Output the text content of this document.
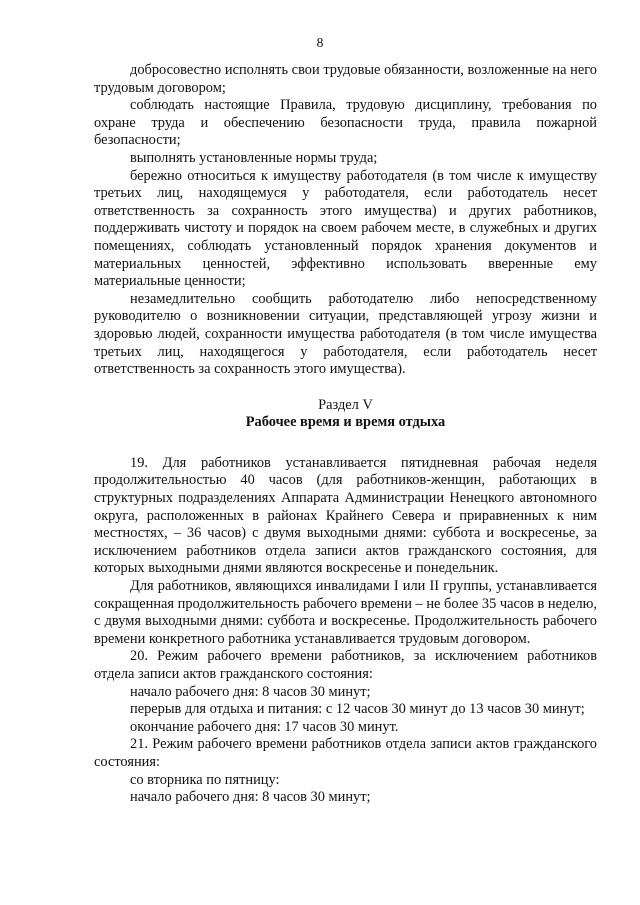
8

добросовестно исполнять свои трудовые обязанности, возложенные на него трудовым договором;

соблюдать настоящие Правила, трудовую дисциплину, требования по охране труда и обеспечению безопасности труда, правила пожарной безопасности;

выполнять установленные нормы труда;

бережно относиться к имуществу работодателя (в том числе к имуществу третьих лиц, находящемуся у работодателя, если работодатель несет ответственность за сохранность этого имущества) и других работников, поддерживать чистоту и порядок на своем рабочем месте, в служебных и других помещениях, соблюдать установленный порядок хранения документов и материальных ценностей, эффективно использовать вверенные ему материальные ценности;

незамедлительно сообщить работодателю либо непосредственному руководителю о возникновении ситуации, представляющей угрозу жизни и здоровью людей, сохранности имущества работодателя (в том числе имущества третьих лиц, находящегося у работодателя, если работодатель несет ответственность за сохранность этого имущества).

Раздел V
Рабочее время и время отдыха

19. Для работников устанавливается пятидневная рабочая неделя продолжительностью 40 часов (для работников-женщин, работающих в структурных подразделениях Аппарата Администрации Ненецкого автономного округа, расположенных в районах Крайнего Севера и приравненных к ним местностях, – 36 часов) с двумя выходными днями: суббота и воскресенье, за исключением работников отдела записи актов гражданского состояния, для которых выходными днями являются воскресенье и понедельник.

Для работников, являющихся инвалидами I или II группы, устанавливается сокращенная продолжительность рабочего времени – не более 35 часов в неделю, с двумя выходными днями: суббота и воскресенье. Продолжительность рабочего времени конкретного работника устанавливается трудовым договором.

20. Режим рабочего времени работников, за исключением работников отдела записи актов гражданского состояния:

начало рабочего дня: 8 часов 30 минут;

перерыв для отдыха и питания: с 12 часов 30 минут до 13 часов 30 минут;

окончание рабочего дня: 17 часов 30 минут.

21. Режим рабочего времени работников отдела записи актов гражданского состояния:

со вторника по пятницу:

начало рабочего дня: 8 часов 30 минут;
